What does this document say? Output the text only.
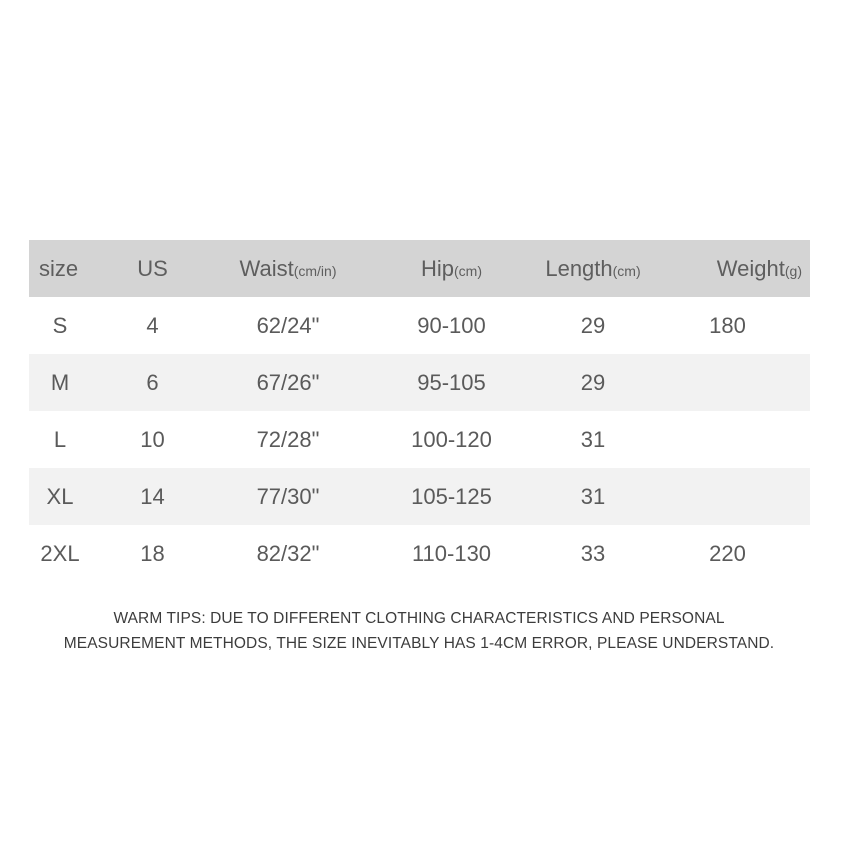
size	US	Waist(cm/in)	Hip(cm)	Length(cm)	Weight(g)
S	4	62/24"	90-100	29	180
M	6	67/26"	95-105	29	
L	10	72/28"	100-120	31	
XL	14	77/30"	105-125	31	
2XL	18	82/32"	110-130	33	220
WARM TIPS: DUE TO DIFFERENT CLOTHING CHARACTERISTICS AND PERSONAL
MEASUREMENT METHODS, THE SIZE INEVITABLY HAS 1-4CM ERROR, PLEASE UNDERSTAND.
